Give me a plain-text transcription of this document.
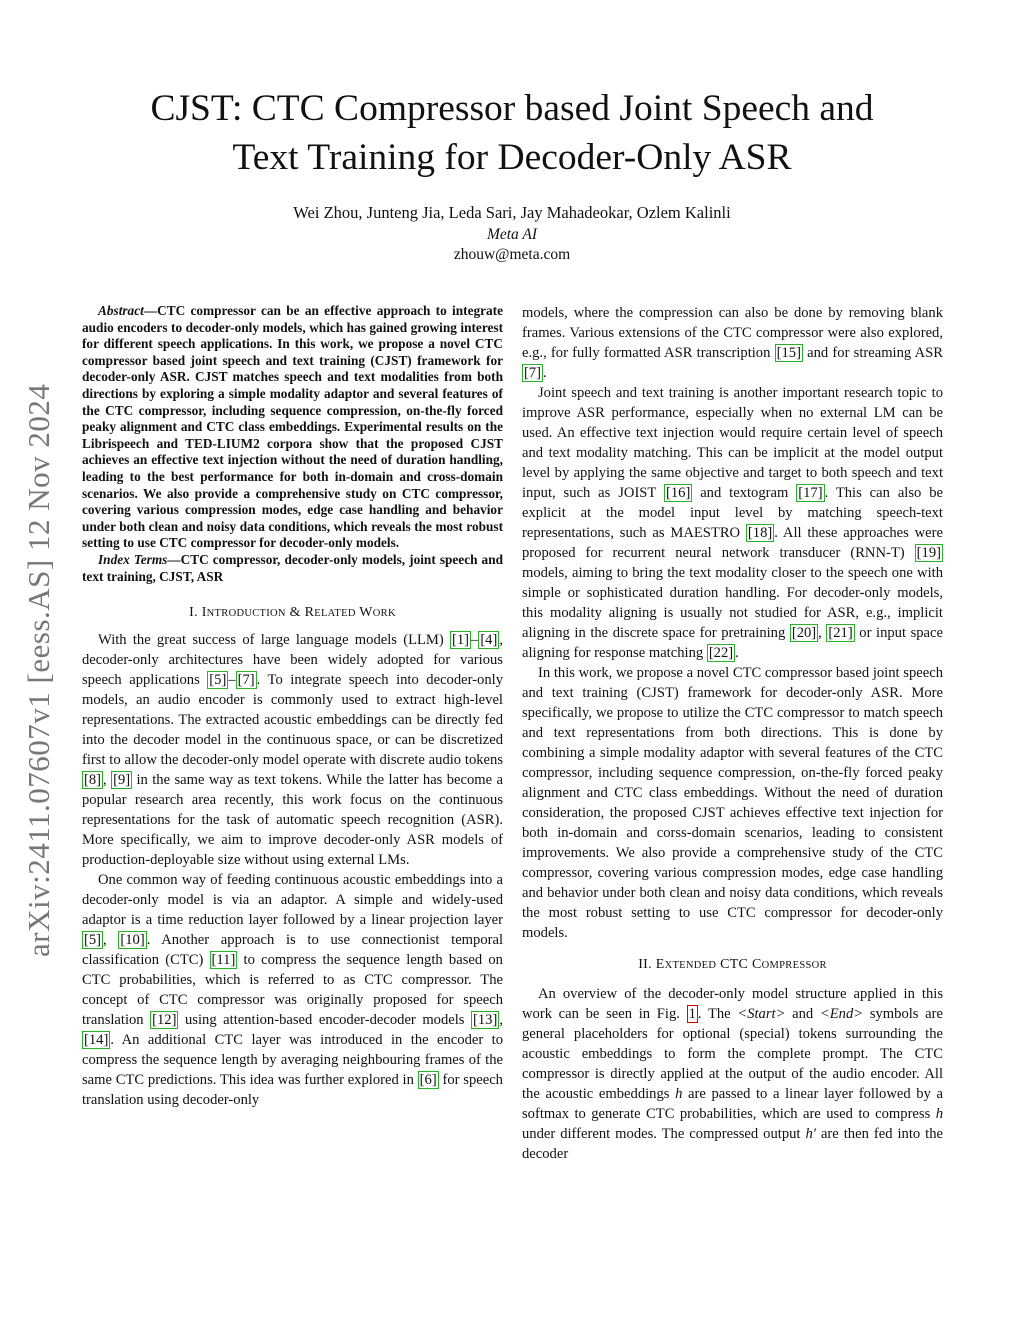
arXiv:2411.07607v1 [eess.AS] 12 Nov 2024
CJST: CTC Compressor based Joint Speech and
Text Training for Decoder-Only ASR
Wei Zhou, Junteng Jia, Leda Sari, Jay Mahadeokar, Ozlem Kalinli
Meta AI
zhouw@meta.com

Abstract—CTC compressor can be an effective approach to integrate audio encoders to decoder-only models, which has gained growing interest for different speech applications. In this work, we propose a novel CTC compressor based joint speech and text training (CJST) framework for decoder-only ASR. CJST matches speech and text modalities from both directions by exploring a simple modality adaptor and several features of the CTC compressor, including sequence compression, on-the-fly forced peaky alignment and CTC class embeddings. Experimental results on the Librispeech and TED-LIUM2 corpora show that the proposed CJST achieves an effective text injection without the need of duration handling, leading to the best performance for both in-domain and cross-domain scenarios. We also provide a comprehensive study on CTC compressor, covering various compression modes, edge case handling and behavior under both clean and noisy data conditions, which reveals the most robust setting to use CTC compressor for decoder-only models.

Index Terms—CTC compressor, decoder-only models, joint speech and text training, CJST, ASR

I. INTRODUCTION & RELATED WORK

With the great success of large language models (LLM) [1] – [4] , decoder-only architectures have been widely adopted for various speech applications [5] – [7] . To integrate speech into decoder-only models, an audio encoder is commonly used to extract high-level representations. The extracted acoustic embeddings can be directly fed into the decoder model in the continuous space, or can be discretized first to allow the decoder-only model operate with discrete audio tokens [8] , [9] in the same way as text tokens. While the latter has become a popular research area recently, this work focus on the continuous representations for the task of automatic speech recognition (ASR). More specifically, we aim to improve decoder-only ASR models of production-deployable size without using external LMs.

One common way of feeding continuous acoustic embeddings into a decoder-only model is via an adaptor. A simple and widely-used adaptor is a time reduction layer followed by a linear projection layer [5] , [10] . Another approach is to use connectionist temporal classification (CTC) [11] to compress the sequence length based on CTC probabilities, which is referred to as CTC compressor. The concept of CTC compressor was originally proposed for speech translation [12] using attention-based encoder-decoder models [13] , [14] . An additional CTC layer was introduced in the encoder to compress the sequence length by averaging neighbouring frames of the same CTC predictions. This idea was further explored in [6] for speech translation using decoder-only

models, where the compression can also be done by removing blank frames. Various extensions of the CTC compressor were also explored, e.g., for fully formatted ASR transcription [15] and for streaming ASR [7] .

Joint speech and text training is another important research topic to improve ASR performance, especially when no external LM can be used. An effective text injection would require certain level of speech and text modality matching. This can be implicit at the model output level by applying the same objective and target to both speech and text input, such as JOIST [16] and textogram [17] . This can also be explicit at the model input level by matching speech-text representations, such as MAESTRO [18] . All these approaches were proposed for recurrent neural network transducer (RNN-T) [19] models, aiming to bring the text modality closer to the speech one with simple or sophisticated duration handling. For decoder-only models, this modality aligning is usually not studied for ASR, e.g., implicit aligning in the discrete space for pretraining [20] , [21] or input space aligning for response matching [22] .

In this work, we propose a novel CTC compressor based joint speech and text training (CJST) framework for decoder-only ASR. More specifically, we propose to utilize the CTC compressor to match speech and text representations from both directions. This is done by combining a simple modality adaptor with several features of the CTC compressor, including sequence compression, on-the-fly forced peaky alignment and CTC class embeddings. Without the need of duration consideration, the proposed CJST achieves effective text injection for both in-domain and corss-domain scenarios, leading to consistent improvements. We also provide a comprehensive study of the CTC compressor, covering various compression modes, edge case handling and behavior under both clean and noisy data conditions, which reveals the most robust setting to use CTC compressor for decoder-only models.

II. EXTENDED CTC COMPRESSOR

An overview of the decoder-only model structure applied in this work can be seen in Fig. 1 . The <Start> and <End> symbols are general placeholders for optional (special) tokens surrounding the acoustic embeddings to form the complete prompt. The CTC compressor is directly applied at the output of the audio encoder. All the acoustic embeddings h are passed to a linear layer followed by a softmax to generate CTC probabilities, which are used to compress h under different modes. The compressed output h′ are then fed into the decoder
